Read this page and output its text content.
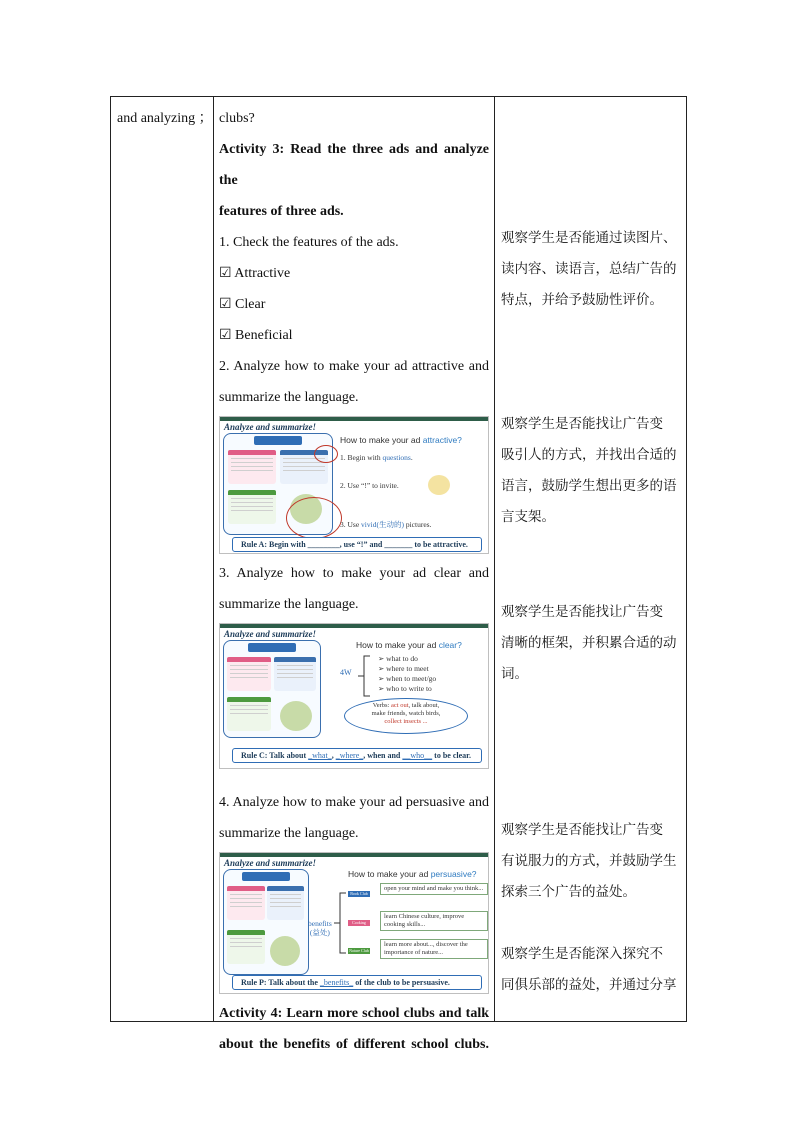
and analyzing ； clubs?
Activity 3: Read the three ads and analyze the
features of three ads.
1. Check the features of the ads.
☑ Attractive
☑ Clear
☑ Beneficial
2. Analyze how to make your ad attractive and
summarize the language.
Analyze and summarize!
How to make your ad attractive?
1. Begin with questions.
2. Use “!” to invite.
3. Use vivid(生动的) pictures.
Rule A: Begin with ________, use “!” and _______ to be attractive.
3. Analyze how to make your ad clear and
summarize the language.
Analyze and summarize!
How to make your ad clear?
4W
➢ what to do
➢ where to meet
➢ when to meet/go
➢ who to write to
Verbs: act out, talk about,
make friends, watch birds,
collect insects ...
Rule C: Talk about _what_, _where_, when and __who__ to be clear.
4. Analyze how to make your ad persuasive and
summarize the language.
Analyze and summarize!
How to make your ad persuasive?
benefits
(益处)
Book Club
Cooking Club
Nature Club
open your mind and make you think...
learn Chinese culture, improve cooking skills...
learn more about..., discover the importance of nature...
Rule P: Talk about the _benefits_ of the club to be persuasive.
Activity 4: Learn more school clubs and talk
about the benefits of different school clubs.
观察学生是否能通过读图片、
读内容、读语言，总结广告的
特点，并给予鼓励性评价。
观察学生是否能找让广告变
吸引人的方式，并找出合适的
语言，鼓励学生想出更多的语
言支架。
观察学生是否能找让广告变
清晰的框架，并积累合适的动
词。
观察学生是否能找让广告变
有说服力的方式，并鼓励学生
探索三个广告的益处。
观察学生是否能深入探究不
同俱乐部的益处，并通过分享
